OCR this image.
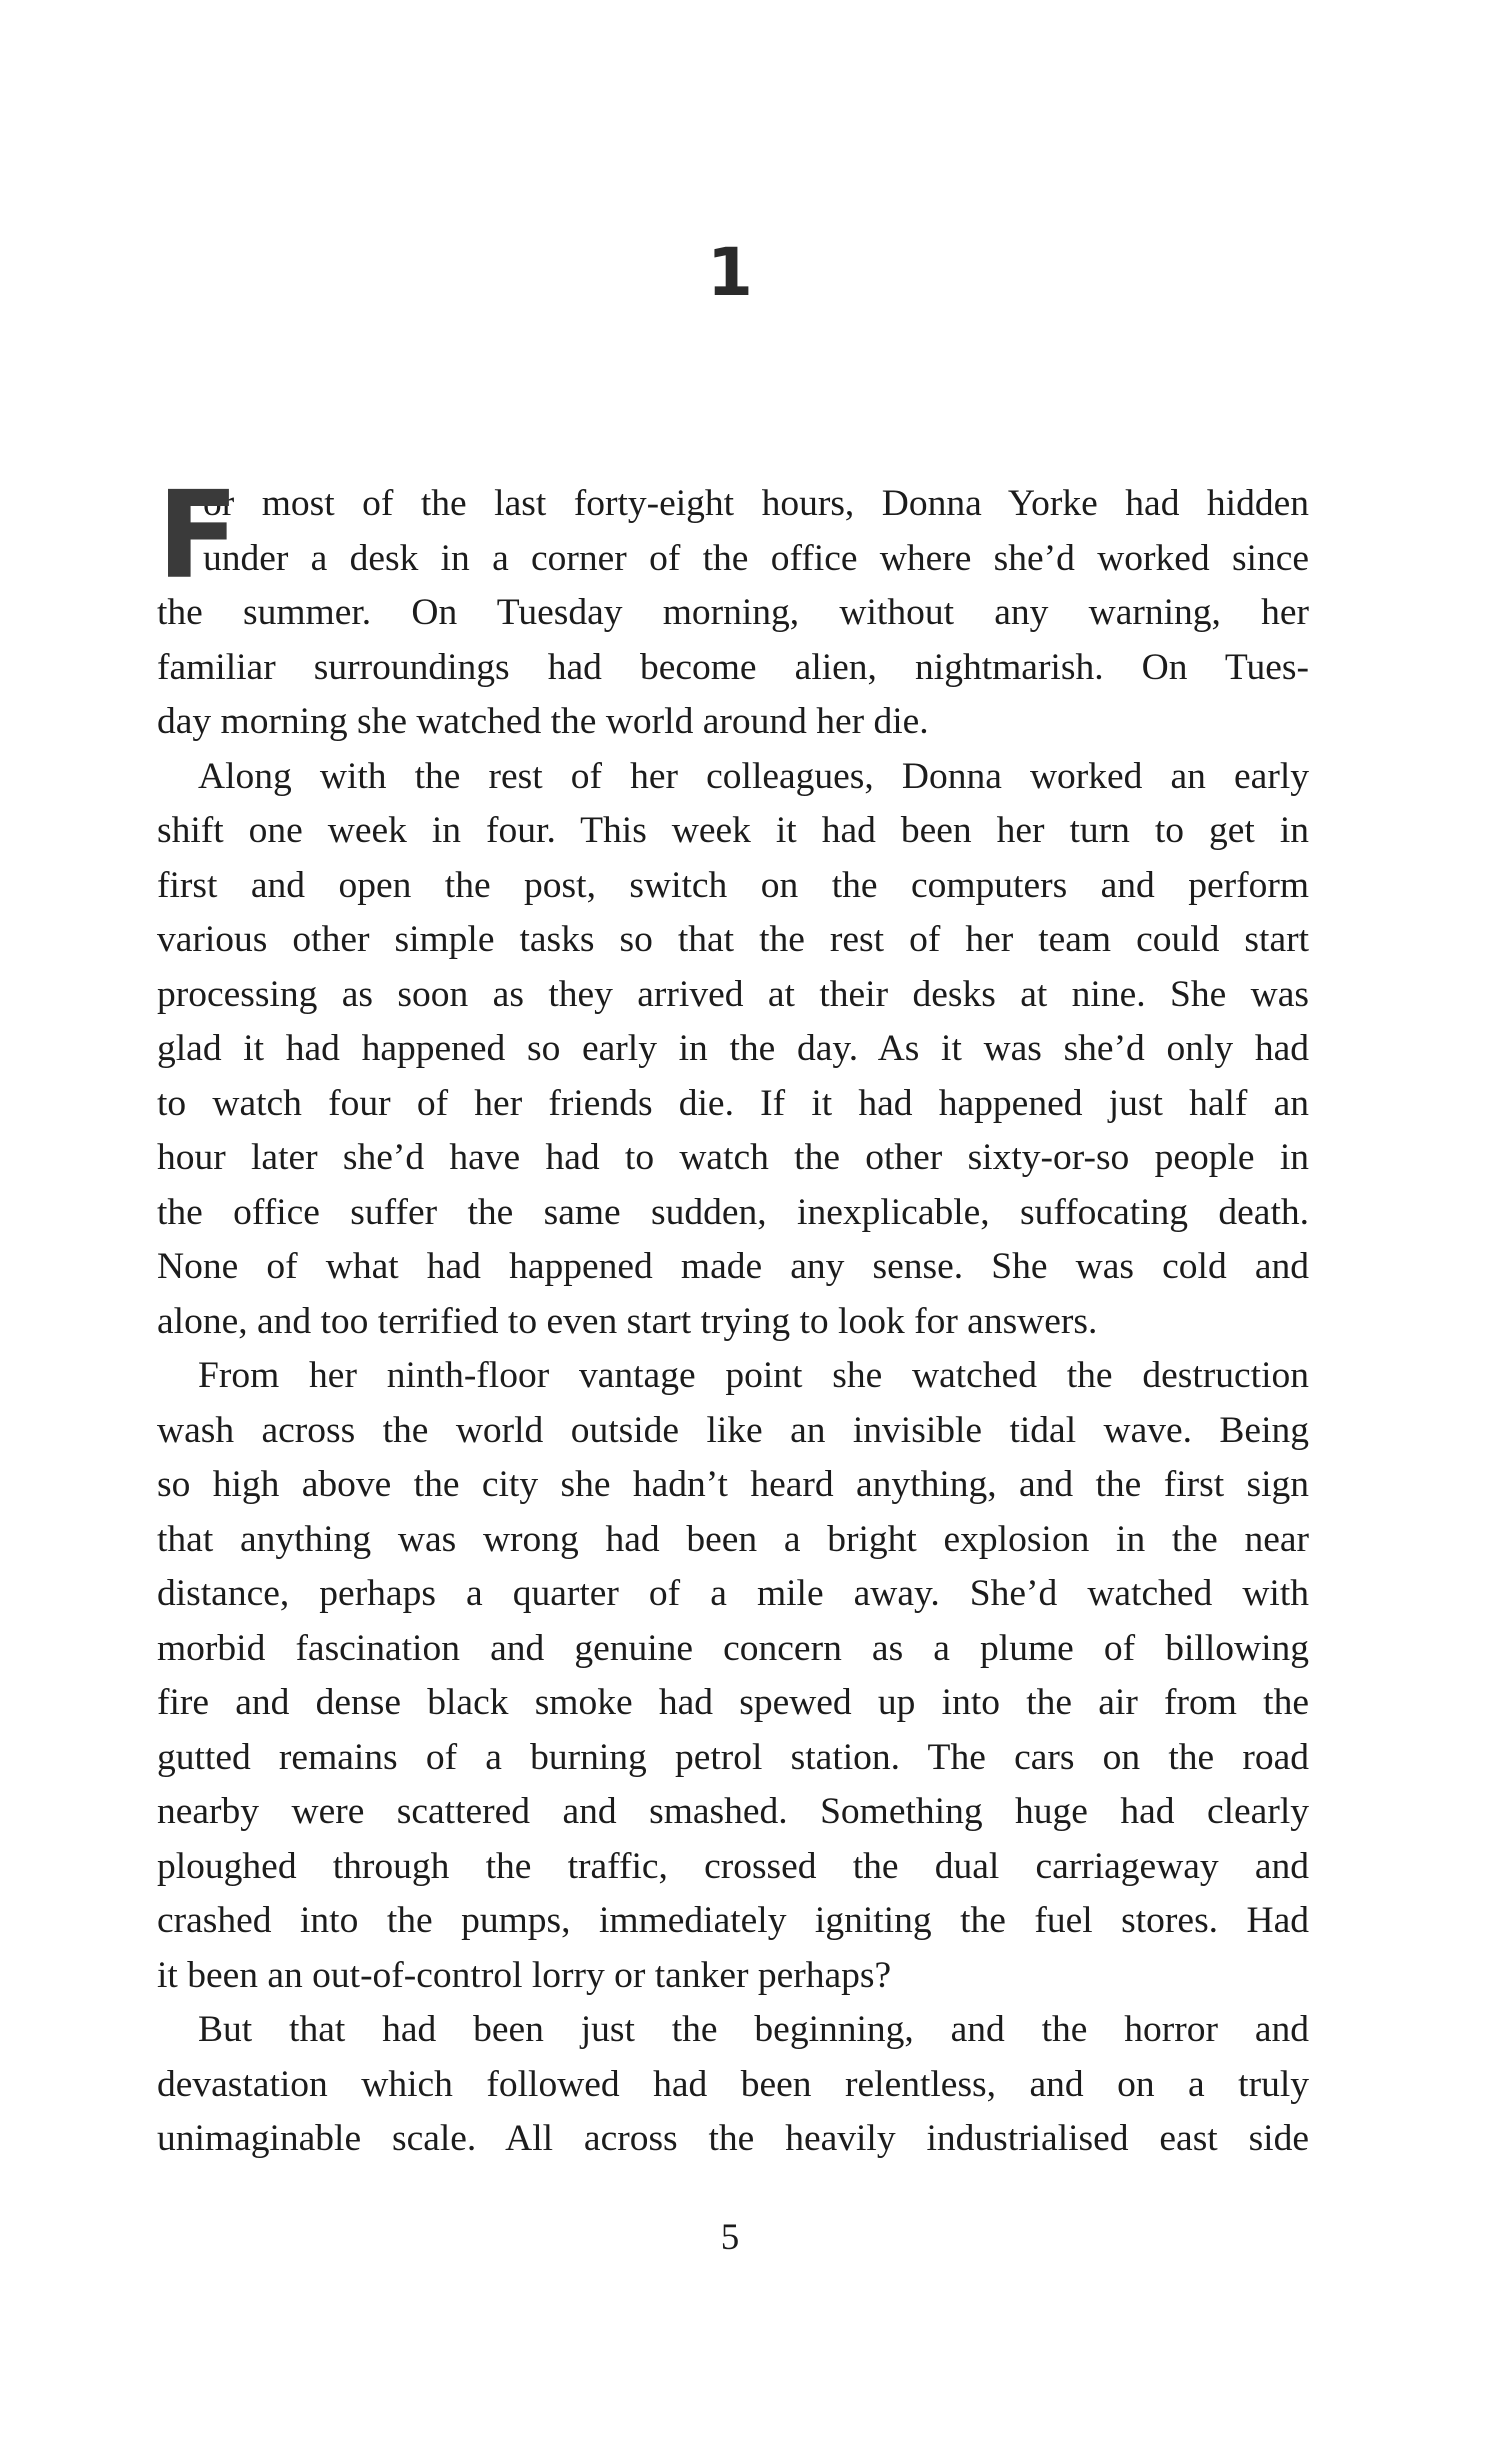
1
F
or most of the last forty-eight hours, Donna Yorke had hidden
under a desk in a corner of the office where she’d worked since
the summer. On Tuesday morning, without any warning, her
familiar surroundings had become alien, nightmarish. On Tues-
day morning she watched the world around her die.
Along with the rest of her colleagues, Donna worked an early
shift one week in four. This week it had been her turn to get in
first and open the post, switch on the computers and perform
various other simple tasks so that the rest of her team could start
processing as soon as they arrived at their desks at nine. She was
glad it had happened so early in the day. As it was she’d only had
to watch four of her friends die. If it had happened just half an
hour later she’d have had to watch the other sixty-or-so people in
the office suffer the same sudden, inexplicable, suffocating death.
None of what had happened made any sense. She was cold and
alone, and too terrified to even start trying to look for answers.
From her ninth-floor vantage point she watched the destruction
wash across the world outside like an invisible tidal wave. Being
so high above the city she hadn’t heard anything, and the first sign
that anything was wrong had been a bright explosion in the near
distance, perhaps a quarter of a mile away. She’d watched with
morbid fascination and genuine concern as a plume of billowing
fire and dense black smoke had spewed up into the air from the
gutted remains of a burning petrol station. The cars on the road
nearby were scattered and smashed. Something huge had clearly
ploughed through the traffic, crossed the dual carriageway and
crashed into the pumps, immediately igniting the fuel stores. Had
it been an out-of-control lorry or tanker perhaps?
But that had been just the beginning, and the horror and
devastation which followed had been relentless, and on a truly
unimaginable scale. All across the heavily industrialised east side
5
